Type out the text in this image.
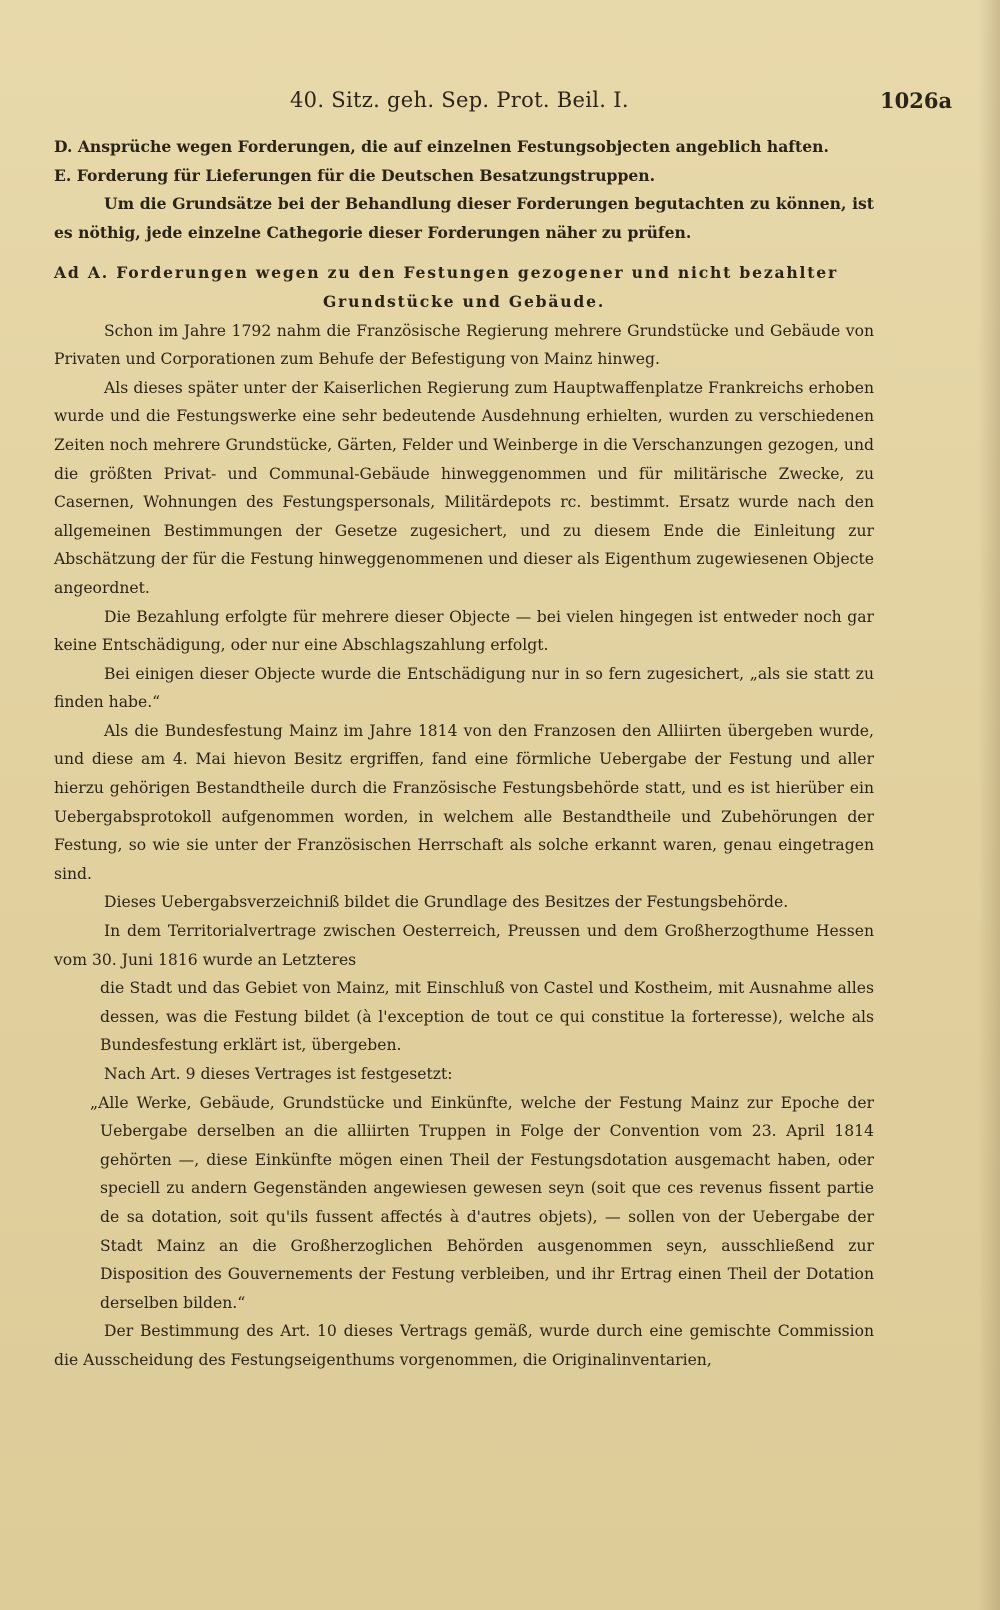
40. Sitz. geh. Sep. Prot. Beil. I.	1026a

D. Ansprüche wegen Forderungen, die auf einzelnen Festungsobjecten angeblich haften.

E. Forderung für Lieferungen für die Deutschen Besatzungstruppen.

Um die Grundsätze bei der Behandlung dieser Forderungen begutachten zu können, ist es nöthig, jede einzelne Cathegorie dieser Forderungen näher zu prüfen.

Ad A. Forderungen wegen zu den Festungen gezogener und nicht bezahlter

Grundstücke und Gebäude.

Schon im Jahre 1792 nahm die Französische Regierung mehrere Grundstücke und Gebäude von Privaten und Corporationen zum Behufe der Befestigung von Mainz hinweg.

Als dieses später unter der Kaiserlichen Regierung zum Hauptwaffenplatze Frankreichs erhoben wurde und die Festungswerke eine sehr bedeutende Ausdehnung erhielten, wurden zu verschiedenen Zeiten noch mehrere Grundstücke, Gärten, Felder und Weinberge in die Verschanzungen gezogen, und die größten Privat- und Communal-Gebäude hinweggenommen und für militärische Zwecke, zu Casernen, Wohnungen des Festungspersonals, Militärdepots rc. bestimmt. Ersatz wurde nach den allgemeinen Bestimmungen der Gesetze zugesichert, und zu diesem Ende die Einleitung zur Abschätzung der für die Festung hinweggenommenen und dieser als Eigenthum zugewiesenen Objecte angeordnet.

Die Bezahlung erfolgte für mehrere dieser Objecte — bei vielen hingegen ist entweder noch gar keine Entschädigung, oder nur eine Abschlagszahlung erfolgt.

Bei einigen dieser Objecte wurde die Entschädigung nur in so fern zugesichert, „als sie statt zu finden habe.“

Als die Bundesfestung Mainz im Jahre 1814 von den Franzosen den Alliirten übergeben wurde, und diese am 4. Mai hievon Besitz ergriffen, fand eine förmliche Uebergabe der Festung und aller hierzu gehörigen Bestandtheile durch die Französische Festungsbehörde statt, und es ist hierüber ein Uebergabsprotokoll aufgenommen worden, in welchem alle Bestandtheile und Zubehörungen der Festung, so wie sie unter der Französischen Herrschaft als solche erkannt waren, genau eingetragen sind.

Dieses Uebergabsverzeichniß bildet die Grundlage des Besitzes der Festungsbehörde.

In dem Territorialvertrage zwischen Oesterreich, Preussen und dem Großherzogthume Hessen vom 30. Juni 1816 wurde an Letzteres

die Stadt und das Gebiet von Mainz, mit Einschluß von Castel und Kostheim, mit Ausnahme alles dessen, was die Festung bildet (à l'exception de tout ce qui constitue la forteresse), welche als Bundesfestung erklärt ist, übergeben.

Nach Art. 9 dieses Vertrages ist festgesetzt:

„Alle Werke, Gebäude, Grundstücke und Einkünfte, welche der Festung Mainz zur Epoche der Uebergabe derselben an die alliirten Truppen in Folge der Convention vom 23. April 1814 gehörten —, diese Einkünfte mögen einen Theil der Festungsdotation ausgemacht haben, oder speciell zu andern Gegenständen angewiesen gewesen seyn (soit que ces revenus fissent partie de sa dotation, soit qu'ils fussent affectés à d'autres objets), — sollen von der Uebergabe der Stadt Mainz an die Großherzoglichen Behörden ausgenommen seyn, ausschließend zur Disposition des Gouvernements der Festung verbleiben, und ihr Ertrag einen Theil der Dotation derselben bilden.“

Der Bestimmung des Art. 10 dieses Vertrags gemäß, wurde durch eine gemischte Commission die Ausscheidung des Festungseigenthums vorgenommen, die Originalinventarien,
